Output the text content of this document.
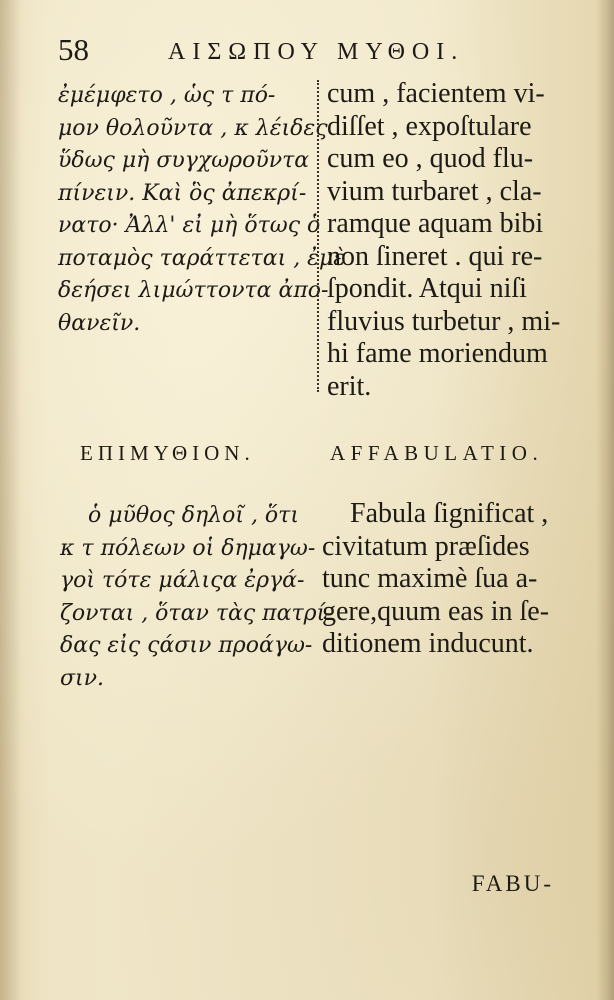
58	ΑΙΣΩΠΟΥ ΜΥΘΟΙ.
ἐμέμφετο , ὡς τ πό-
μον θολοῦντα , κ λέιδες
ὕδως μὴ συγχωροῦντα
πίνειν. Καὶ ὃς ἀπεκρί-
νατο· Ἀλλ' εἰ μὴ ὅτως ὁ
ποταμὸς ταράττεται , ἐμὲ
δεήσει λιμώττοντα ἀπο-
θανεῖν.
cum , facientem vi-
diſſet , expoſtulare
cum eo , quod flu-
vium turbaret , cla-
ramque aquam bibi
non ſineret . qui re-
ſpondit. Atqui niſi
fluvius turbetur , mi-
hi fame moriendum
erit.
ΕΠΙΜΥΘΙΟΝ.	AFFABULATIO.
ὁ μῦθος δηλοῖ , ὅτι
κ τ πόλεων οἱ δημαγω-
γοὶ τότε μάλιςα ἐργά-
ζονται , ὅταν τὰς πατρί-
δας εἰς ςάσιν προάγω-
σιν.
Fabula ſignificat ,
civitatum præſides
tunc maximè ſua a-
gere,quum eas in ſe-
ditionem inducunt.
FABU-
